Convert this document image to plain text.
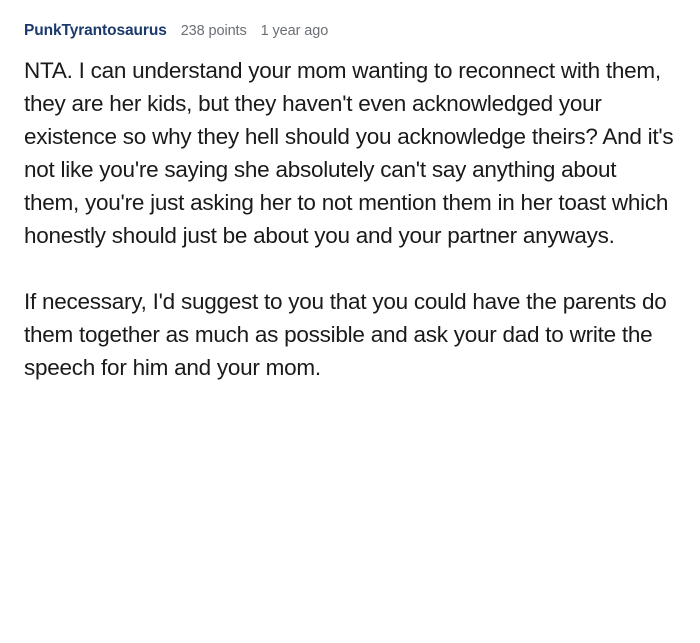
PunkTyrantosaurus 238 points 1 year ago

NTA. I can understand your mom wanting to reconnect with them, they are her kids, but they haven't even acknowledged your existence so why they hell should you acknowledge theirs? And it's not like you're saying she absolutely can't say anything about them, you're just asking her to not mention them in her toast which honestly should just be about you and your partner anyways.

If necessary, I'd suggest to you that you could have the parents do them together as much as possible and ask your dad to write the speech for him and your mom.
